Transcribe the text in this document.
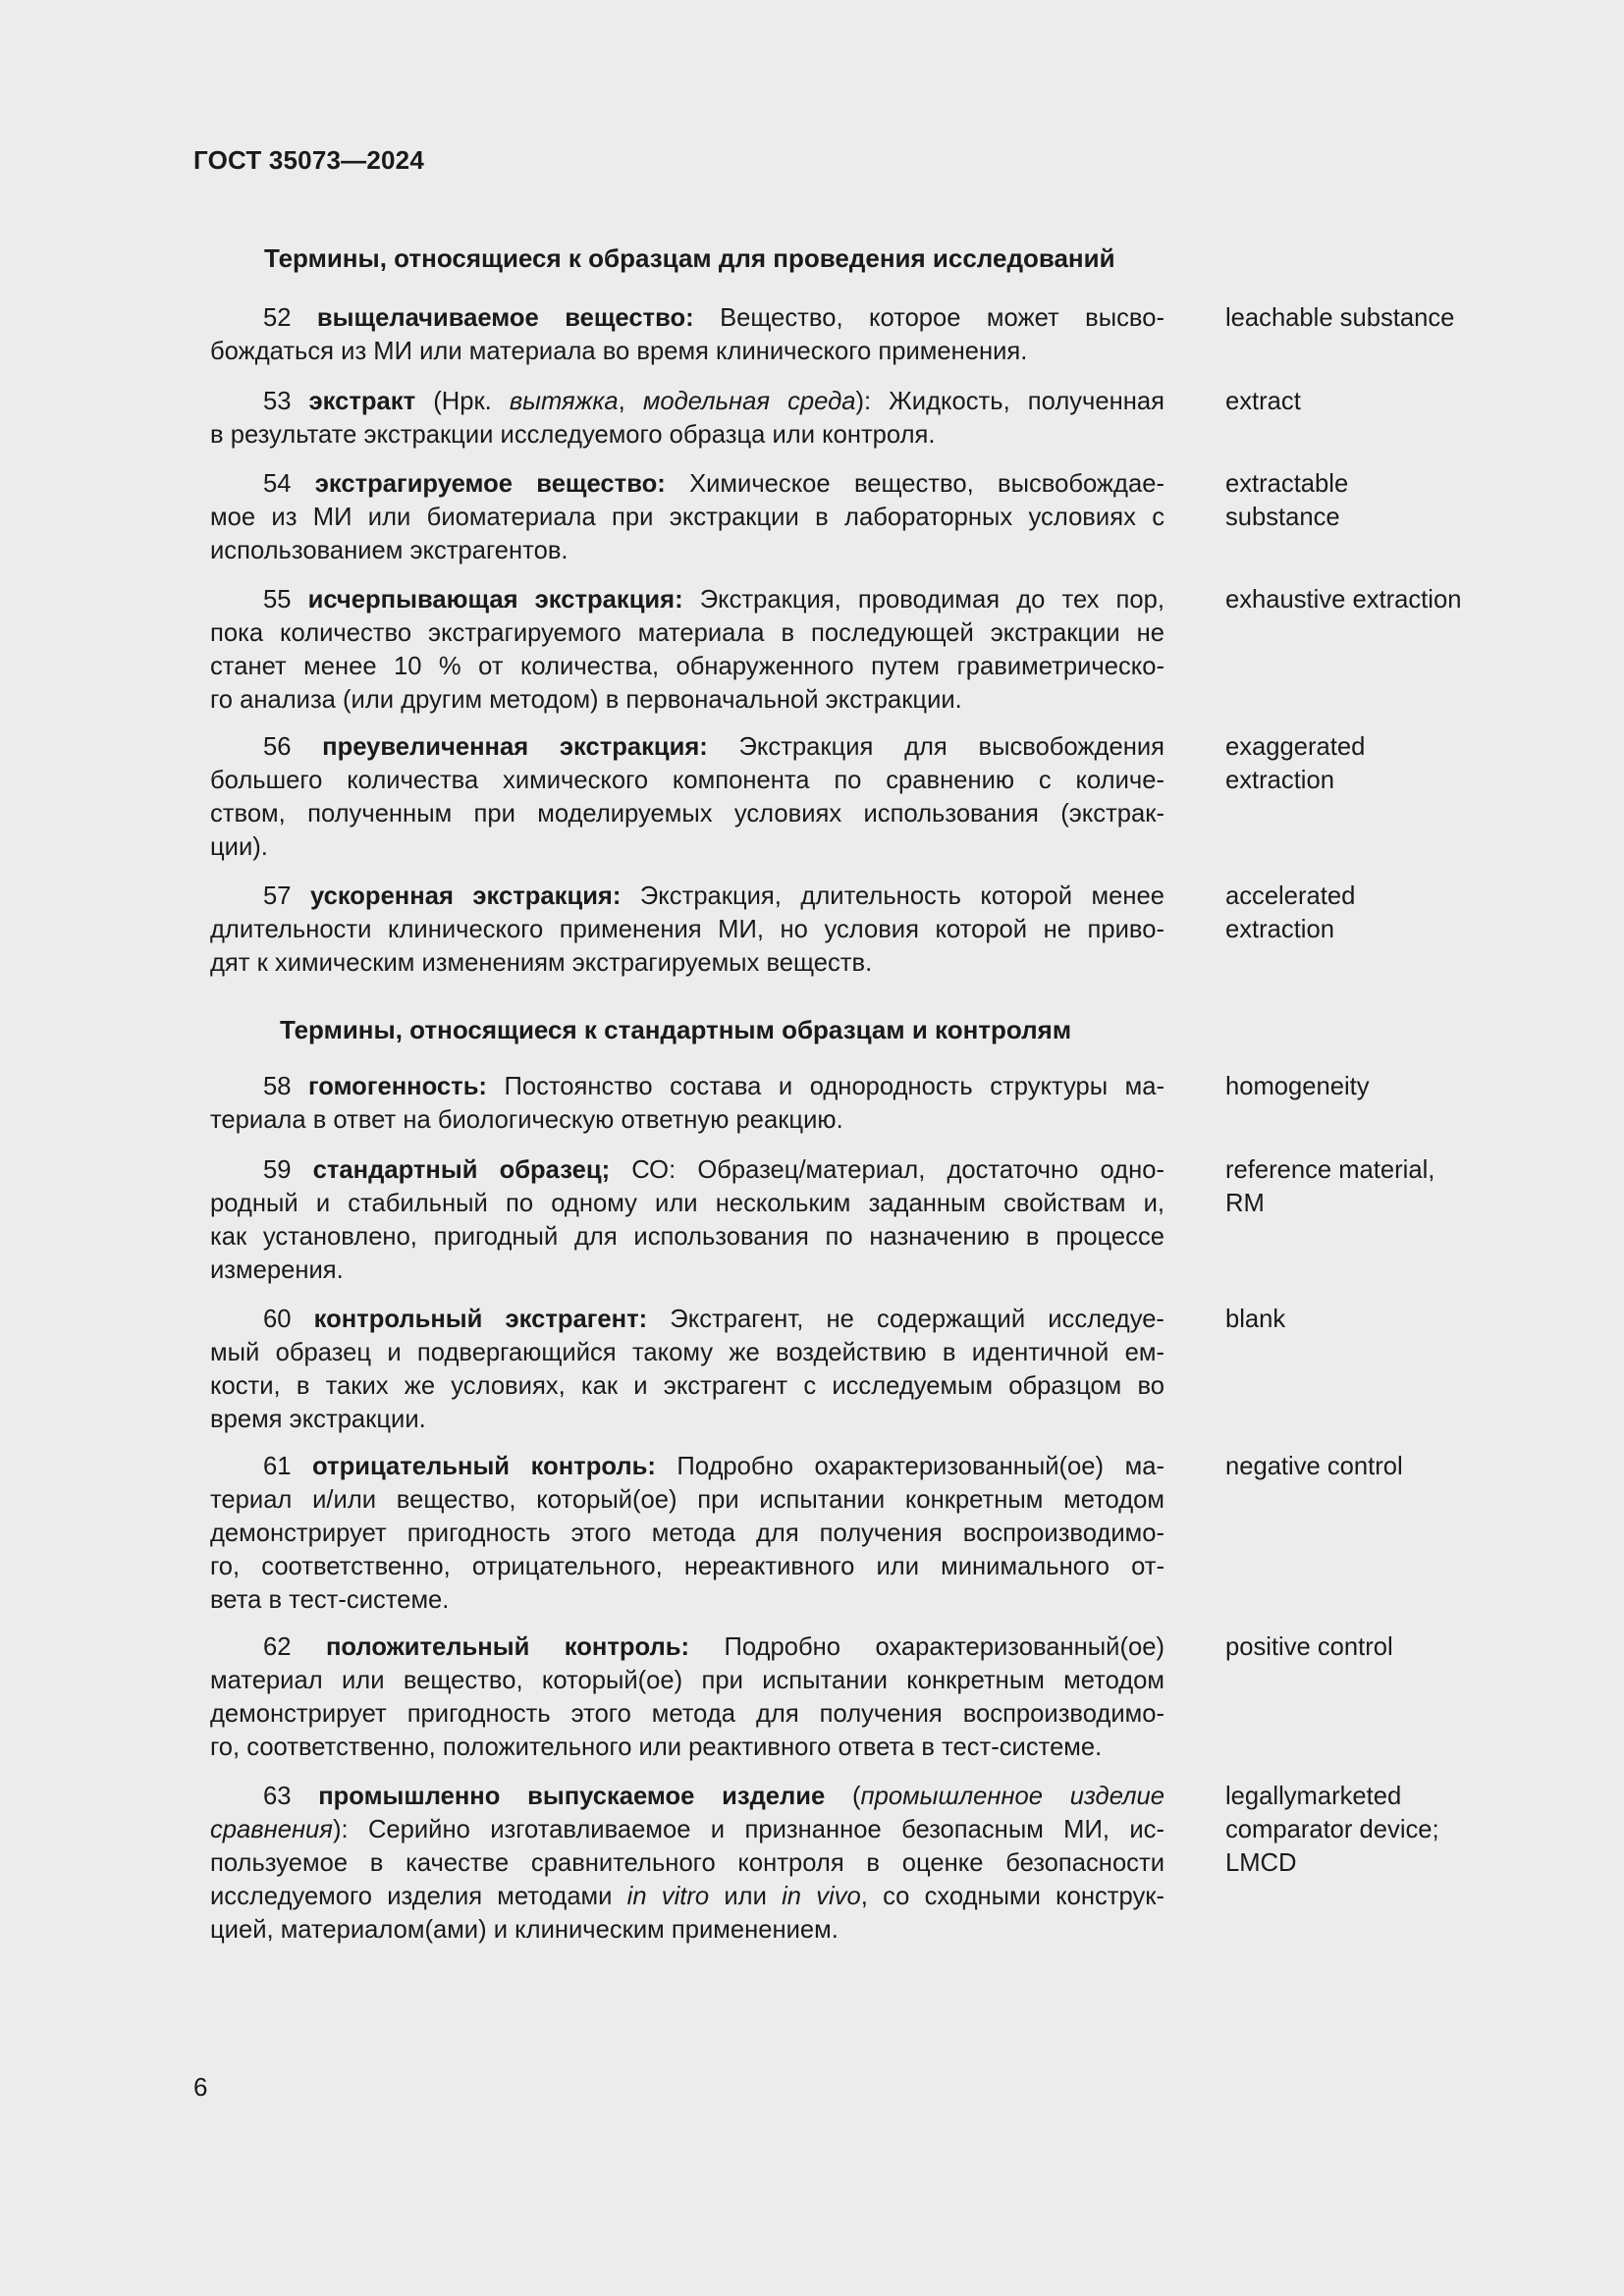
ГОСТ 35073—2024
Термины, относящиеся к образцам для проведения исследований
Термины, относящиеся к стандартным образцам и контролям
52 выщелачиваемое вещество: Вещество, которое может высво-
бождаться из МИ или материала во время клинического применения.
leachable substance
53 экстракт (Нрк. вытяжка, модельная среда): Жидкость, полученная
в результате экстракции исследуемого образца или контроля.
extract
54 экстрагируемое вещество: Химическое вещество, высвобождае-
мое из МИ или биоматериала при экстракции в лабораторных условиях с
использованием экстрагентов.
extractable
substance
55 исчерпывающая экстракция: Экстракция, проводимая до тех пор,
пока количество экстрагируемого материала в последующей экстракции не
станет менее 10 % от количества, обнаруженного путем гравиметрическо-
го анализа (или другим методом) в первоначальной экстракции.
exhaustive extraction
56 преувеличенная экстракция: Экстракция для высвобождения
большего количества химического компонента по сравнению с количе-
ством, полученным при моделируемых условиях использования (экстрак-
ции).
exaggerated
extraction
57 ускоренная экстракция: Экстракция, длительность которой менее
длительности клинического применения МИ, но условия которой не приво-
дят к химическим изменениям экстрагируемых веществ.
accelerated
extraction
58 гомогенность: Постоянство состава и однородность структуры ма-
териала в ответ на биологическую ответную реакцию.
homogeneity
59 стандартный образец; СО: Образец/материал, достаточно одно-
родный и стабильный по одному или нескольким заданным свойствам и,
как установлено, пригодный для использования по назначению в процессе
измерения.
reference material,
RM
60 контрольный экстрагент: Экстрагент, не содержащий исследуе-
мый образец и подвергающийся такому же воздействию в идентичной ем-
кости, в таких же условиях, как и экстрагент с исследуемым образцом во
время экстракции.
blank
61 отрицательный контроль: Подробно охарактеризованный(ое) ма-
териал и/или вещество, который(ое) при испытании конкретным методом
демонстрирует пригодность этого метода для получения воспроизводимо-
го, соответственно, отрицательного, нереактивного или минимального от-
вета в тест-системе.
negative control
62 положительный контроль: Подробно охарактеризованный(ое)
материал или вещество, который(ое) при испытании конкретным методом
демонстрирует пригодность этого метода для получения воспроизводимо-
го, соответственно, положительного или реактивного ответа в тест-системе.
positive control
63 промышленно выпускаемое изделие (промышленное изделие
сравнения): Серийно изготавливаемое и признанное безопасным МИ, ис-
пользуемое в качестве сравнительного контроля в оценке безопасности
исследуемого изделия методами in vitro или in vivo, со сходными конструк-
цией, материалом(ами) и клиническим применением.
legallymarketed
comparator device;
LMCD
6
